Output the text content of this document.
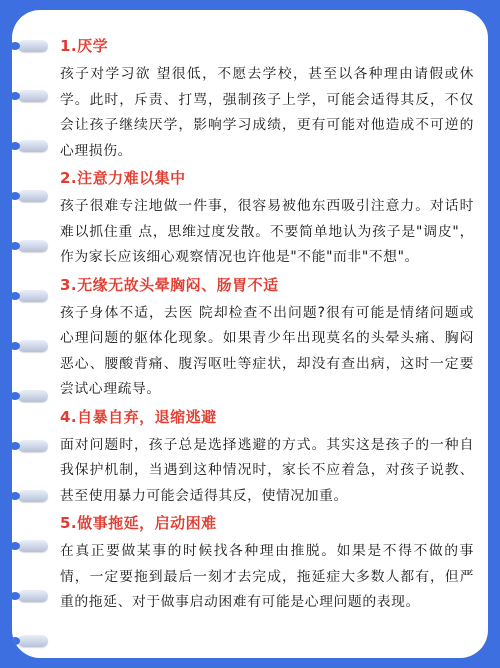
1.厌学
孩子对学习欲 望很低，不愿去学校，甚至以各种理由请假或休学。此时，斥责、打骂，强制孩子上学，可能会适得其反，不仅会让孩子继续厌学，影响学习成绩，更有可能对他造成不可逆的心理损伤。
2.注意力难以集中
孩子很难专注地做一件事，很容易被他东西吸引注意力。对话时难以抓住重 点，思维过度发散。不要简单地认为孩子是"调皮"，作为家长应该细心观察情况也许他是"不能"而非"不想"。
3.无缘无故头晕胸闷、肠胃不适
孩子身体不适，去医 院却检查不出问题?很有可能是情绪问题或心理问题的躯体化现象。如果青少年出现莫名的头晕头痛、胸闷恶心、腰酸背痛、腹泻呕吐等症状，却没有查出病，这时一定要尝试心理疏导。
4.自暴自弃，退缩逃避
面对问题时，孩子总是选择逃避的方式。其实这是孩子的一种自我保护机制，当遇到这种情况时，家长不应着急，对孩子说教、甚至使用暴力可能会适得其反，使情况加重。
5.做事拖延，启动困难
在真正要做某事的时候找各种理由推脱。如果是不得不做的事情，一定要拖到最后一刻才去完成，拖延症大多数人都有，但严重的拖延、对于做事启动困难有可能是心理问题的表现。
